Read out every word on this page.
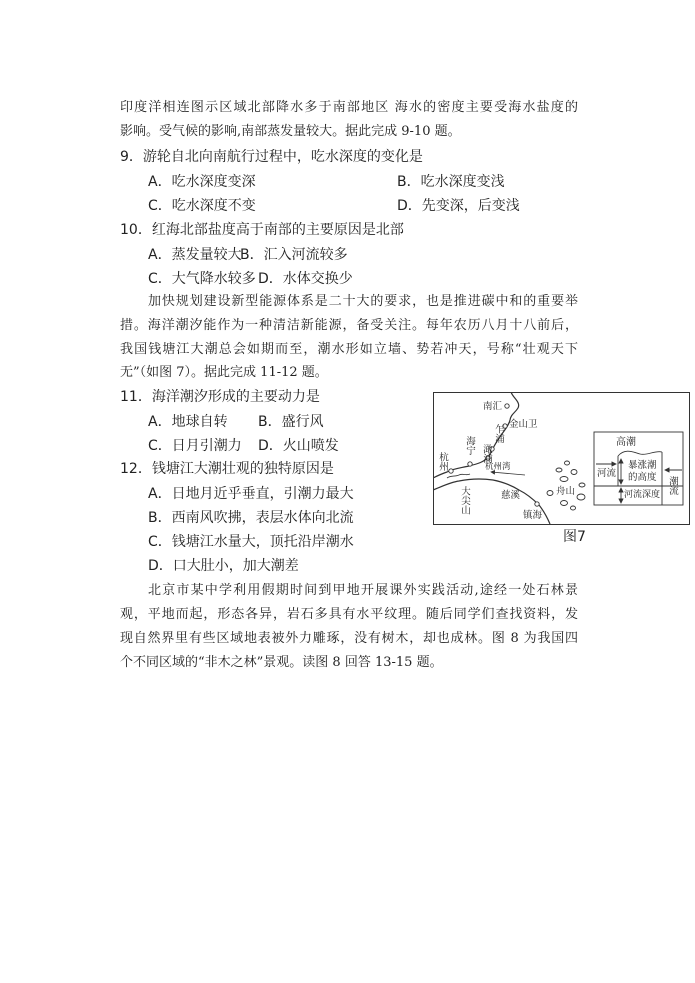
印度洋相连图示区域北部降水多于南部地区 海水的密度主要受海水盐度的
影响。受气候的影响,南部蒸发量较大。据此完成 9-10 题。
9．游轮自北向南航行过程中，吃水深度的变化是
A．吃水深度变深	B．吃水深度变浅
C．吃水深度不变	D．先变深，后变浅
10．红海北部盐度高于南部的主要原因是北部
A．蒸发量较大
B．汇入河流较多
C．大气降水较多 D．水体交换少
加快规划建设新型能源体系是二十大的要求，也是推进碳中和的重要举
措。海洋潮汐能作为一种清洁新能源，备受关注。每年农历八月十八前后，
我国钱塘江大潮总会如期而至，潮水形如立墙、势若冲天，号称“壮观天下
无”（如图 7）。据此完成 11-12 题。
11．海洋潮汐形成的主要动力是
A．地球自转 B．盛行风
C．日月引潮力 D．火山喷发
12．钱塘江大潮壮观的独特原因是
A．日地月近乎垂直，引潮力最大
B．西南风吹拂，表层水体向北流
C．钱塘江水量大，顶托沿岸潮水
D．口大肚小，加大潮差
北京市某中学利用假期时间到甲地开展课外实践活动,途经一处石林景
观，平地而起，形态各异，岩石多具有水平纹理。随后同学们查找资料，发
现自然界里有些区域地表被外力雕琢，没有树木，却也成林。图 8 为我国四
个不同区域的“非木之林”景观。读图 8 回答 13-15 题。
南汇
金山卫
乍浦
澉浦
海宁
杭州
大尖山
杭州湾
慈溪
镇海
舟山
高潮
河流
暴涨潮的高度
河流深度 潮流
图7
